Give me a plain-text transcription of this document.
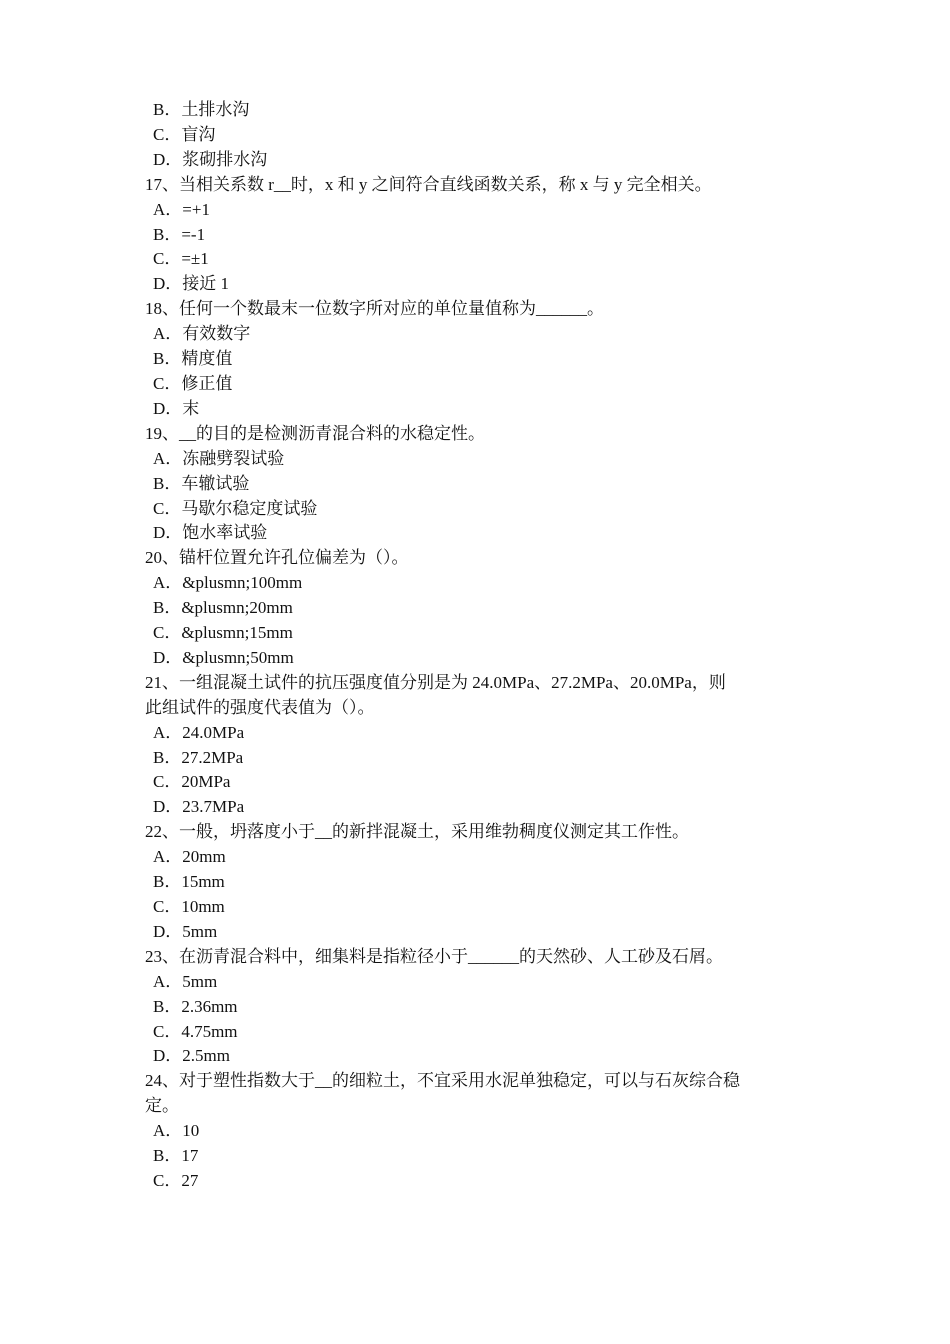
B．土排水沟
C．盲沟
D．浆砌排水沟
17、当相关系数 r__时，x 和 y 之间符合直线函数关系，称 x 与 y 完全相关。
A．=+1
B．=-1
C．=±1
D．接近 1
18、任何一个数最末一位数字所对应的单位量值称为______。
A．有效数字
B．精度值
C．修正值
D．末
19、__的目的是检测沥青混合料的水稳定性。
A．冻融劈裂试验
B．车辙试验
C．马歇尔稳定度试验
D．饱水率试验
20、锚杆位置允许孔位偏差为（）。
A．&plusmn;100mm
B．&plusmn;20mm
C．&plusmn;15mm
D．&plusmn;50mm
21、一组混凝土试件的抗压强度值分别是为 24.0MPa、27.2MPa、20.0MPa，则
此组试件的强度代表值为（）。
A．24.0MPa
B．27.2MPa
C．20MPa
D．23.7MPa
22、一般，坍落度小于__的新拌混凝土，采用维勃稠度仪测定其工作性。
A．20mm
B．15mm
C．10mm
D．5mm
23、在沥青混合料中，细集料是指粒径小于______的天然砂、人工砂及石屑。
A．5mm
B．2.36mm
C．4.75mm
D．2.5mm
24、对于塑性指数大于__的细粒土，不宜采用水泥单独稳定，可以与石灰综合稳
定。
A．10
B．17
C．27
